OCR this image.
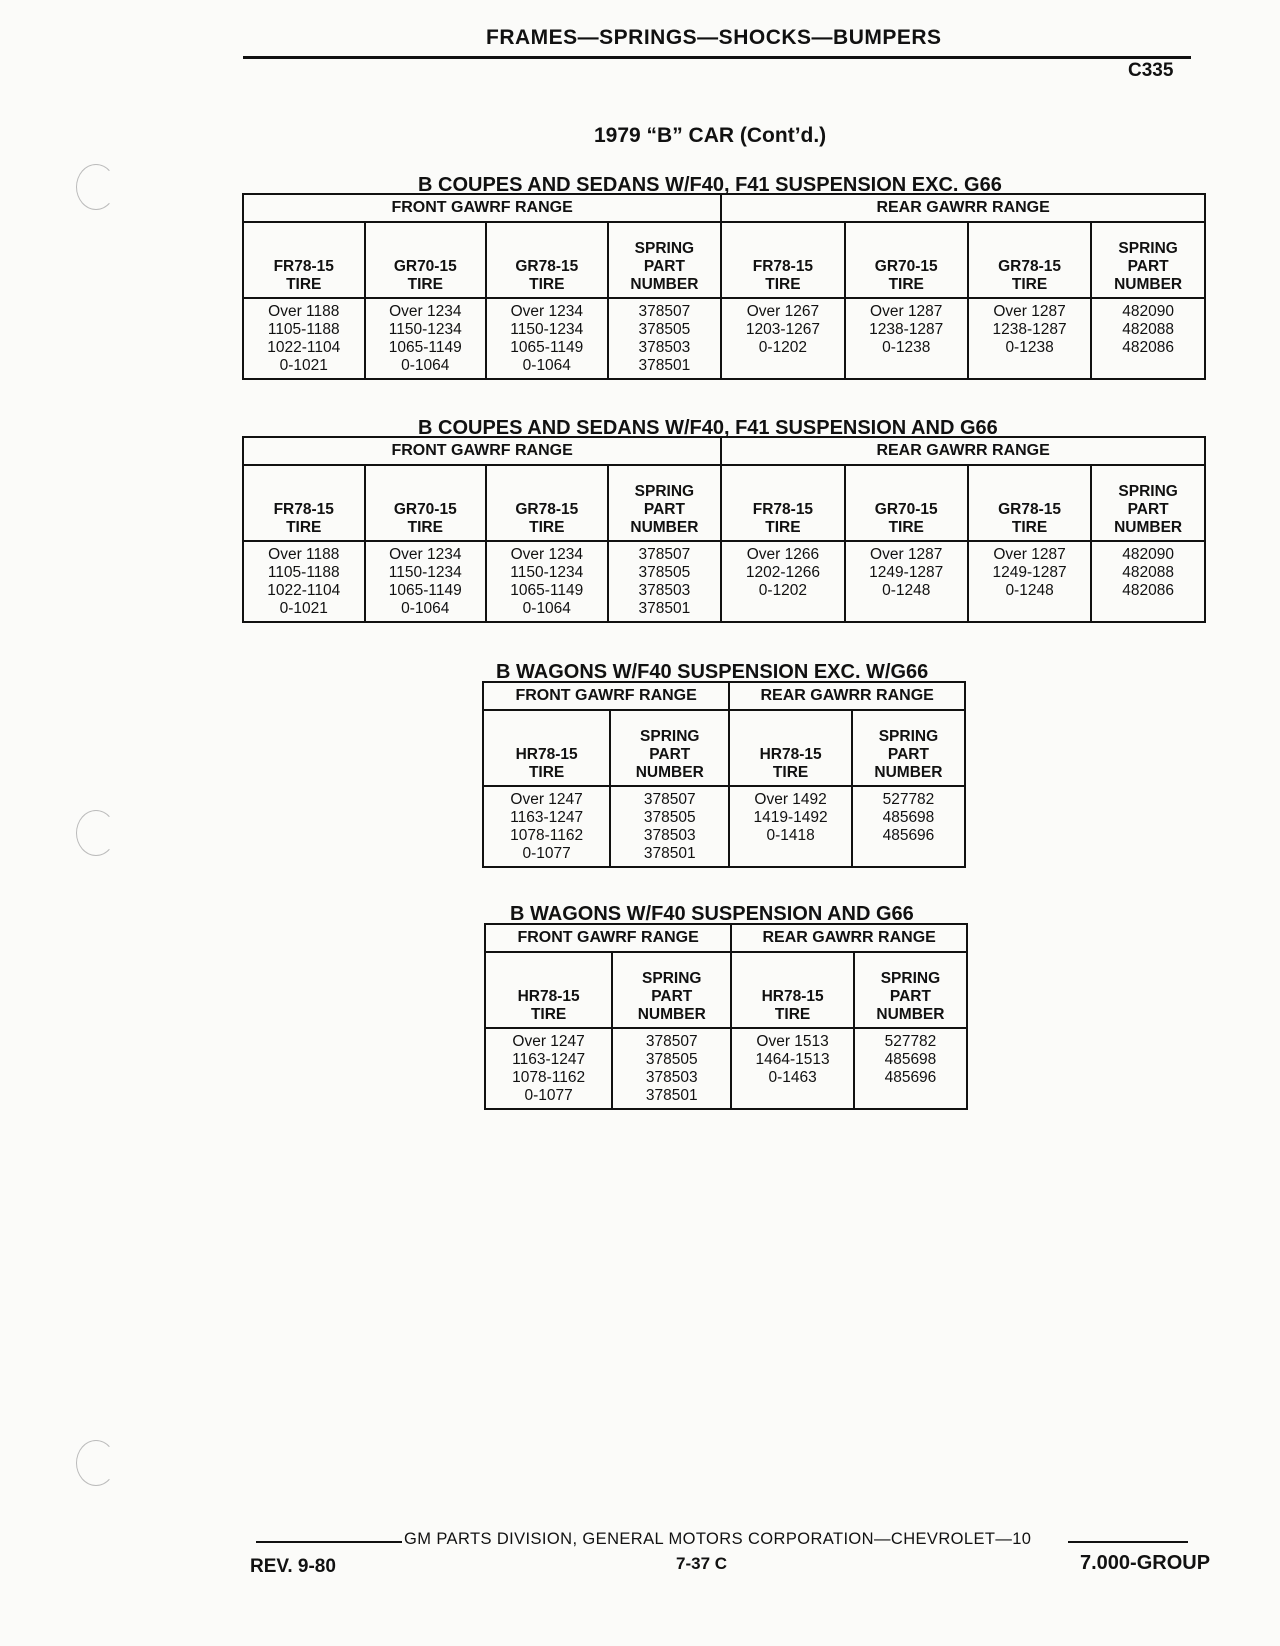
FRAMES—SPRINGS—SHOCKS—BUMPERS
C335
1979 “B” CAR (Cont’d.)
B COUPES AND SEDANS W/F40, F41 SUSPENSION EXC. G66
FRONT GAWRF RANGE				REAR GAWRR RANGE			
FR78-15
TIRE	GR70-15
TIRE	GR78-15
TIRE	SPRING
PART
NUMBER	FR78-15
TIRE	GR70-15
TIRE	GR78-15
TIRE	SPRING
PART
NUMBER
Over 1188
1105-1188
1022-1104
0-1021	Over 1234
1150-1234
1065-1149
0-1064	Over 1234
1150-1234
1065-1149
0-1064	378507
378505
378503
378501	Over 1267
1203-1267
0-1202	Over 1287
1238-1287
0-1238	Over 1287
1238-1287
0-1238	482090
482088
482086
B COUPES AND SEDANS W/F40, F41 SUSPENSION AND G66
FRONT GAWRF RANGE				REAR GAWRR RANGE			
FR78-15
TIRE	GR70-15
TIRE	GR78-15
TIRE	SPRING
PART
NUMBER	FR78-15
TIRE	GR70-15
TIRE	GR78-15
TIRE	SPRING
PART
NUMBER
Over 1188
1105-1188
1022-1104
0-1021	Over 1234
1150-1234
1065-1149
0-1064	Over 1234
1150-1234
1065-1149
0-1064	378507
378505
378503
378501	Over 1266
1202-1266
0-1202	Over 1287
1249-1287
0-1248	Over 1287
1249-1287
0-1248	482090
482088
482086
B WAGONS W/F40 SUSPENSION EXC. W/G66
FRONT GAWRF RANGE		REAR GAWRR RANGE	
HR78-15
TIRE	SPRING
PART
NUMBER	HR78-15
TIRE	SPRING
PART
NUMBER
Over 1247
1163-1247
1078-1162
0-1077	378507
378505
378503
378501	Over 1492
1419-1492
0-1418	527782
485698
485696
B WAGONS W/F40 SUSPENSION AND G66
FRONT GAWRF RANGE		REAR GAWRR RANGE	
HR78-15
TIRE	SPRING
PART
NUMBER	HR78-15
TIRE	SPRING
PART
NUMBER
Over 1247
1163-1247
1078-1162
0-1077	378507
378505
378503
378501	Over 1513
1464-1513
0-1463	527782
485698
485696
GM PARTS DIVISION, GENERAL MOTORS CORPORATION—CHEVROLET—10
REV. 9-80	7-37 C	7.000-GROUP
